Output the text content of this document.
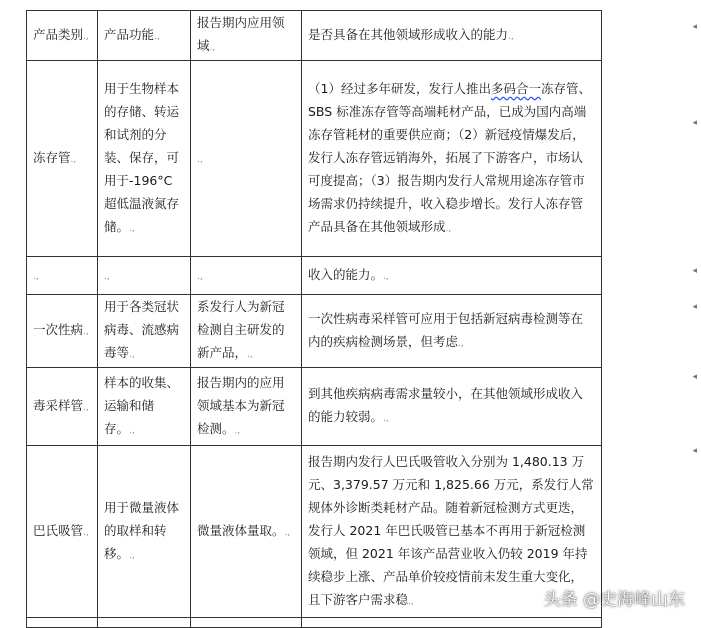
产品类别.,	产品功能.,	报告期内应用领域.,	是否具备在其他领域形成收入的能力.,
冻存管.,	用于生物样本的存储、转运和试剂的分装、保存，可用于-196°C超低温液氮存储。.,	.,	（1）经过多年研发，发行人推出多码合一冻存管、SBS 标准冻存管等高端耗材产品，已成为国内高端冻存管耗材的重要供应商；（2）新冠疫情爆发后，发行人冻存管远销海外，拓展了下游客户，市场认可度提高；（3）报告期内发行人常规用途冻存管市场需求仍持续提升，收入稳步增长。发行人冻存管产品具备在其他领域形成.,
.,	.,	.,	收入的能力。.,
一次性病.,	用于各类冠状病毒、流感病毒等.,	系发行人为新冠检测自主研发的新产品，.,	一次性病毒采样管可应用于包括新冠病毒检测等在内的疾病检测场景，但考虑.,
毒采样管.,	样本的收集、运输和储存。.,	报告期内的应用领域基本为新冠检测。.,	到其他疾病病毒需求量较小，在其他领域形成收入的能力较弱。.,
巴氏吸管.,	用于微量液体的取样和转移。.,	微量液体量取。.,	报告期内发行人巴氏吸管收入分别为 1,480.13 万元、3,379.57 万元和 1,825.66 万元，系发行人常规体外诊断类耗材产品。随着新冠检测方式更迭，发行人 2021 年巴氏吸管已基本不再用于新冠检测领域，但 2021 年该产品营业收入仍较 2019 年持续稳步上涨、产品单价较疫情前未发生重大变化，且下游客户需求稳.,

◂
◂
◂
◂
◂
◂
头条 @史海峰山东
